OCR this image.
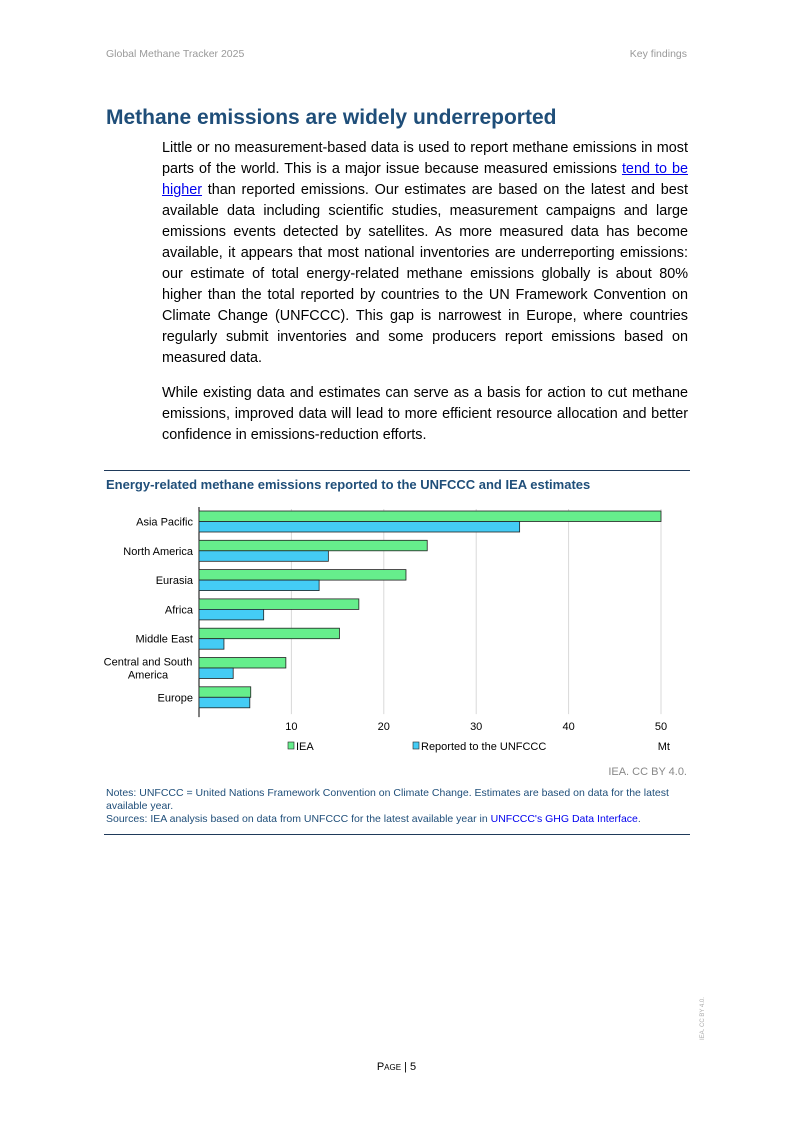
Global Methane Tracker 2025	Key findings
Methane emissions are widely underreported
Little or no measurement-based data is used to report methane emissions in most parts of the world. This is a major issue because measured emissions tend to be higher than reported emissions. Our estimates are based on the latest and best available data including scientific studies, measurement campaigns and large emissions events detected by satellites. As more measured data has become available, it appears that most national inventories are underreporting emissions: our estimate of total energy-related methane emissions globally is about 80% higher than the total reported by countries to the UN Framework Convention on Climate Change (UNFCCC). This gap is narrowest in Europe, where countries regularly submit inventories and some producers report emissions based on measured data.
While existing data and estimates can serve as a basis for action to cut methane emissions, improved data will lead to more efficient resource allocation and better confidence in emissions-reduction efforts.
Energy-related methane emissions reported to the UNFCCC and IEA estimates
10	20	30	40	50
Asia Pacific
North America
Eurasia
Africa
Middle East
Central and South
America
Europe
IEA	Reported to the UNFCCC	Mt
IEA. CC BY 4.0.
Notes: UNFCCC = United Nations Framework Convention on Climate Change. Estimates are based on data for the latest available year.
Sources: IEA analysis based on data from UNFCCC for the latest available year in UNFCCC's GHG Data Interface.
Page | 5
IEA. CC BY 4.0.
